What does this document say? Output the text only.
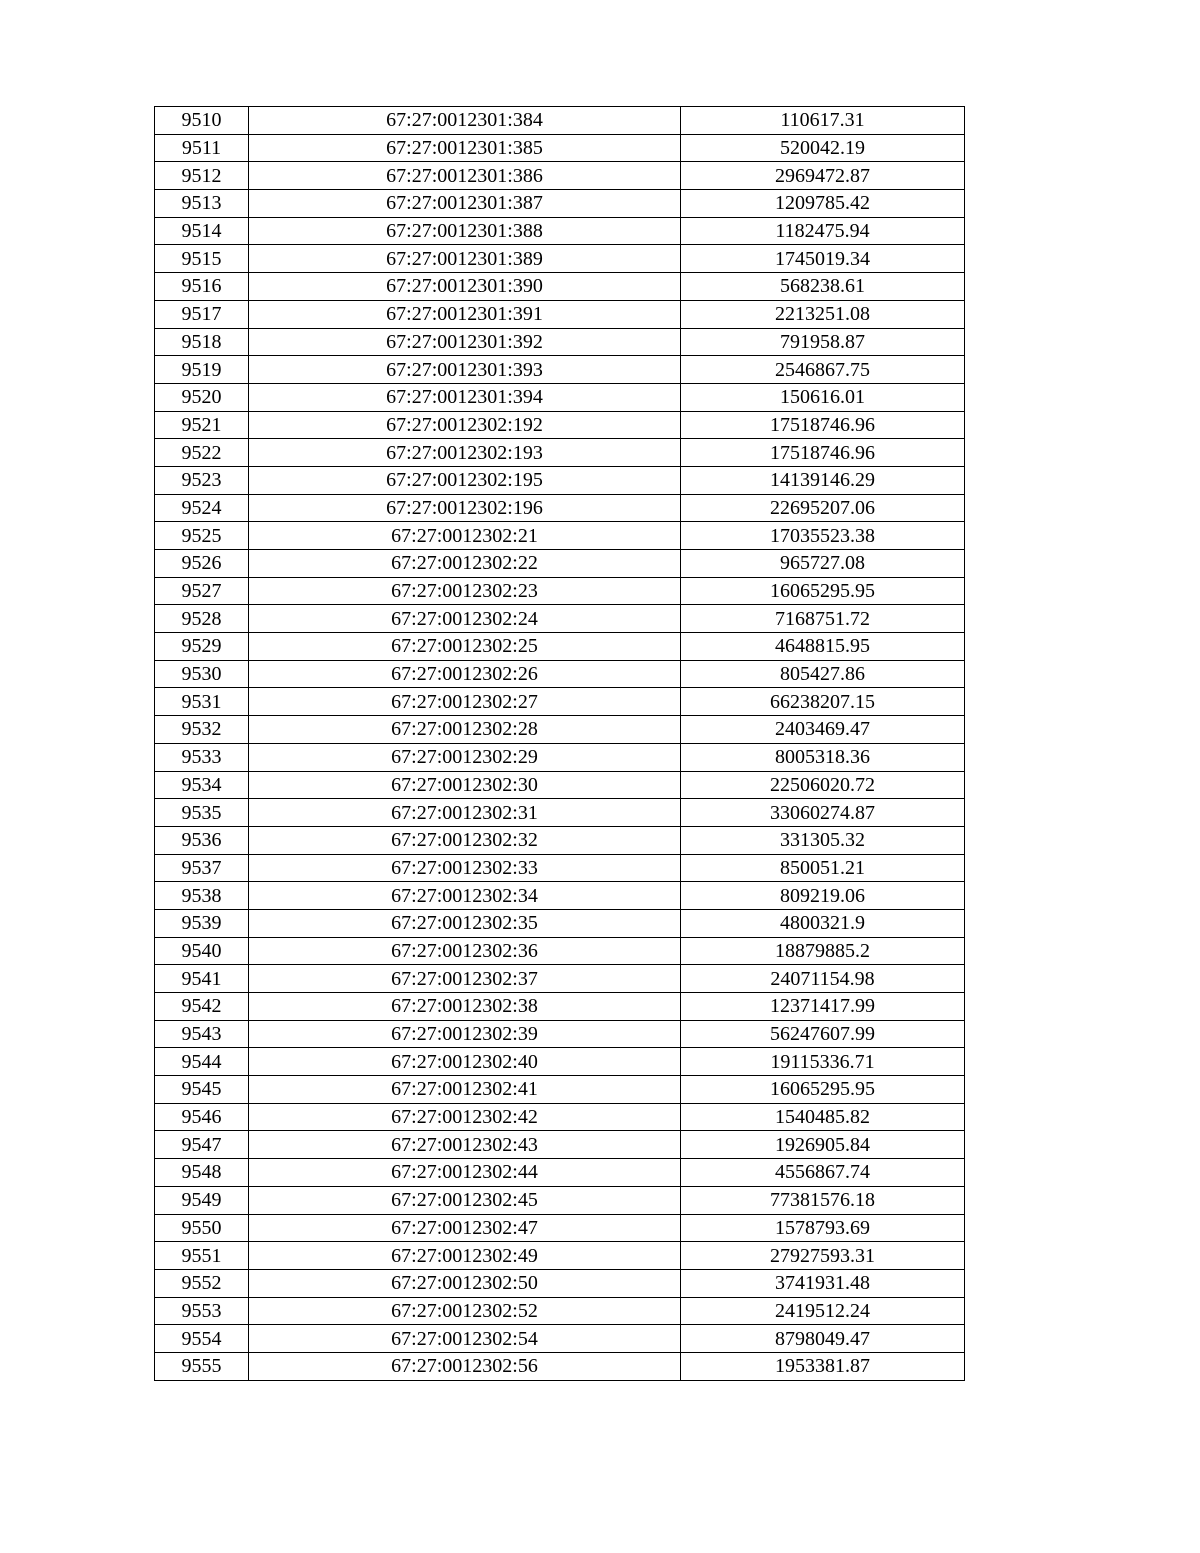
9510	67:27:0012301:384	110617.31
9511	67:27:0012301:385	520042.19
9512	67:27:0012301:386	2969472.87
9513	67:27:0012301:387	1209785.42
9514	67:27:0012301:388	1182475.94
9515	67:27:0012301:389	1745019.34
9516	67:27:0012301:390	568238.61
9517	67:27:0012301:391	2213251.08
9518	67:27:0012301:392	791958.87
9519	67:27:0012301:393	2546867.75
9520	67:27:0012301:394	150616.01
9521	67:27:0012302:192	17518746.96
9522	67:27:0012302:193	17518746.96
9523	67:27:0012302:195	14139146.29
9524	67:27:0012302:196	22695207.06
9525	67:27:0012302:21	17035523.38
9526	67:27:0012302:22	965727.08
9527	67:27:0012302:23	16065295.95
9528	67:27:0012302:24	7168751.72
9529	67:27:0012302:25	4648815.95
9530	67:27:0012302:26	805427.86
9531	67:27:0012302:27	66238207.15
9532	67:27:0012302:28	2403469.47
9533	67:27:0012302:29	8005318.36
9534	67:27:0012302:30	22506020.72
9535	67:27:0012302:31	33060274.87
9536	67:27:0012302:32	331305.32
9537	67:27:0012302:33	850051.21
9538	67:27:0012302:34	809219.06
9539	67:27:0012302:35	4800321.9
9540	67:27:0012302:36	18879885.2
9541	67:27:0012302:37	24071154.98
9542	67:27:0012302:38	12371417.99
9543	67:27:0012302:39	56247607.99
9544	67:27:0012302:40	19115336.71
9545	67:27:0012302:41	16065295.95
9546	67:27:0012302:42	1540485.82
9547	67:27:0012302:43	1926905.84
9548	67:27:0012302:44	4556867.74
9549	67:27:0012302:45	77381576.18
9550	67:27:0012302:47	1578793.69
9551	67:27:0012302:49	27927593.31
9552	67:27:0012302:50	3741931.48
9553	67:27:0012302:52	2419512.24
9554	67:27:0012302:54	8798049.47
9555	67:27:0012302:56	1953381.87
